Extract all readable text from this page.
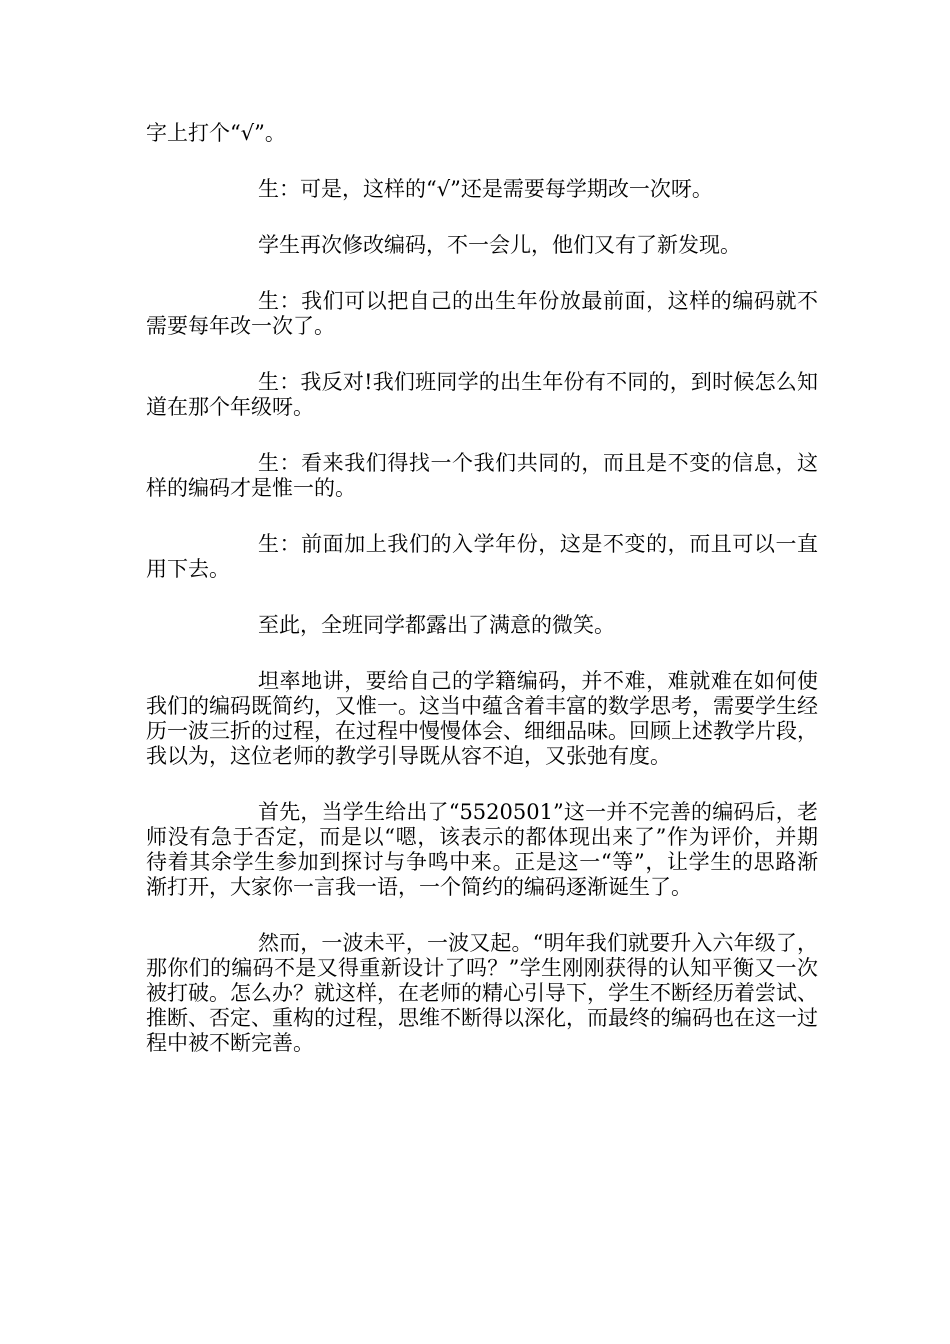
字上打个“√”。

生：可是，这样的“√”还是需要每学期改一次呀。

学生再次修改编码，不一会儿，他们又有了新发现。

生：我们可以把自己的出生年份放最前面，这样的编码就不需要每年改一次了。

生：我反对!我们班同学的出生年份有不同的，到时候怎么知道在那个年级呀。

生：看来我们得找一个我们共同的，而且是不变的信息，这样的编码才是惟一的。

生：前面加上我们的入学年份，这是不变的，而且可以一直用下去。

至此，全班同学都露出了满意的微笑。

坦率地讲，要给自己的学籍编码，并不难，难就难在如何使我们的编码既简约，又惟一。这当中蕴含着丰富的数学思考，需要学生经历一波三折的过程，在过程中慢慢体会、细细品味。回顾上述教学片段，我以为，这位老师的教学引导既从容不迫，又张弛有度。

首先，当学生给出了“5520501”这一并不完善的编码后，老师没有急于否定，而是以“嗯，该表示的都体现出来了”作为评价，并期待着其余学生参加到探讨与争鸣中来。正是这一“等”，让学生的思路渐渐打开，大家你一言我一语，一个简约的编码逐渐诞生了。

然而，一波未平，一波又起。“明年我们就要升入六年级了，那你们的编码不是又得重新设计了吗？”学生刚刚获得的认知平衡又一次被打破。怎么办？就这样，在老师的精心引导下，学生不断经历着尝试、推断、否定、重构的过程，思维不断得以深化，而最终的编码也在这一过程中被不断完善。
